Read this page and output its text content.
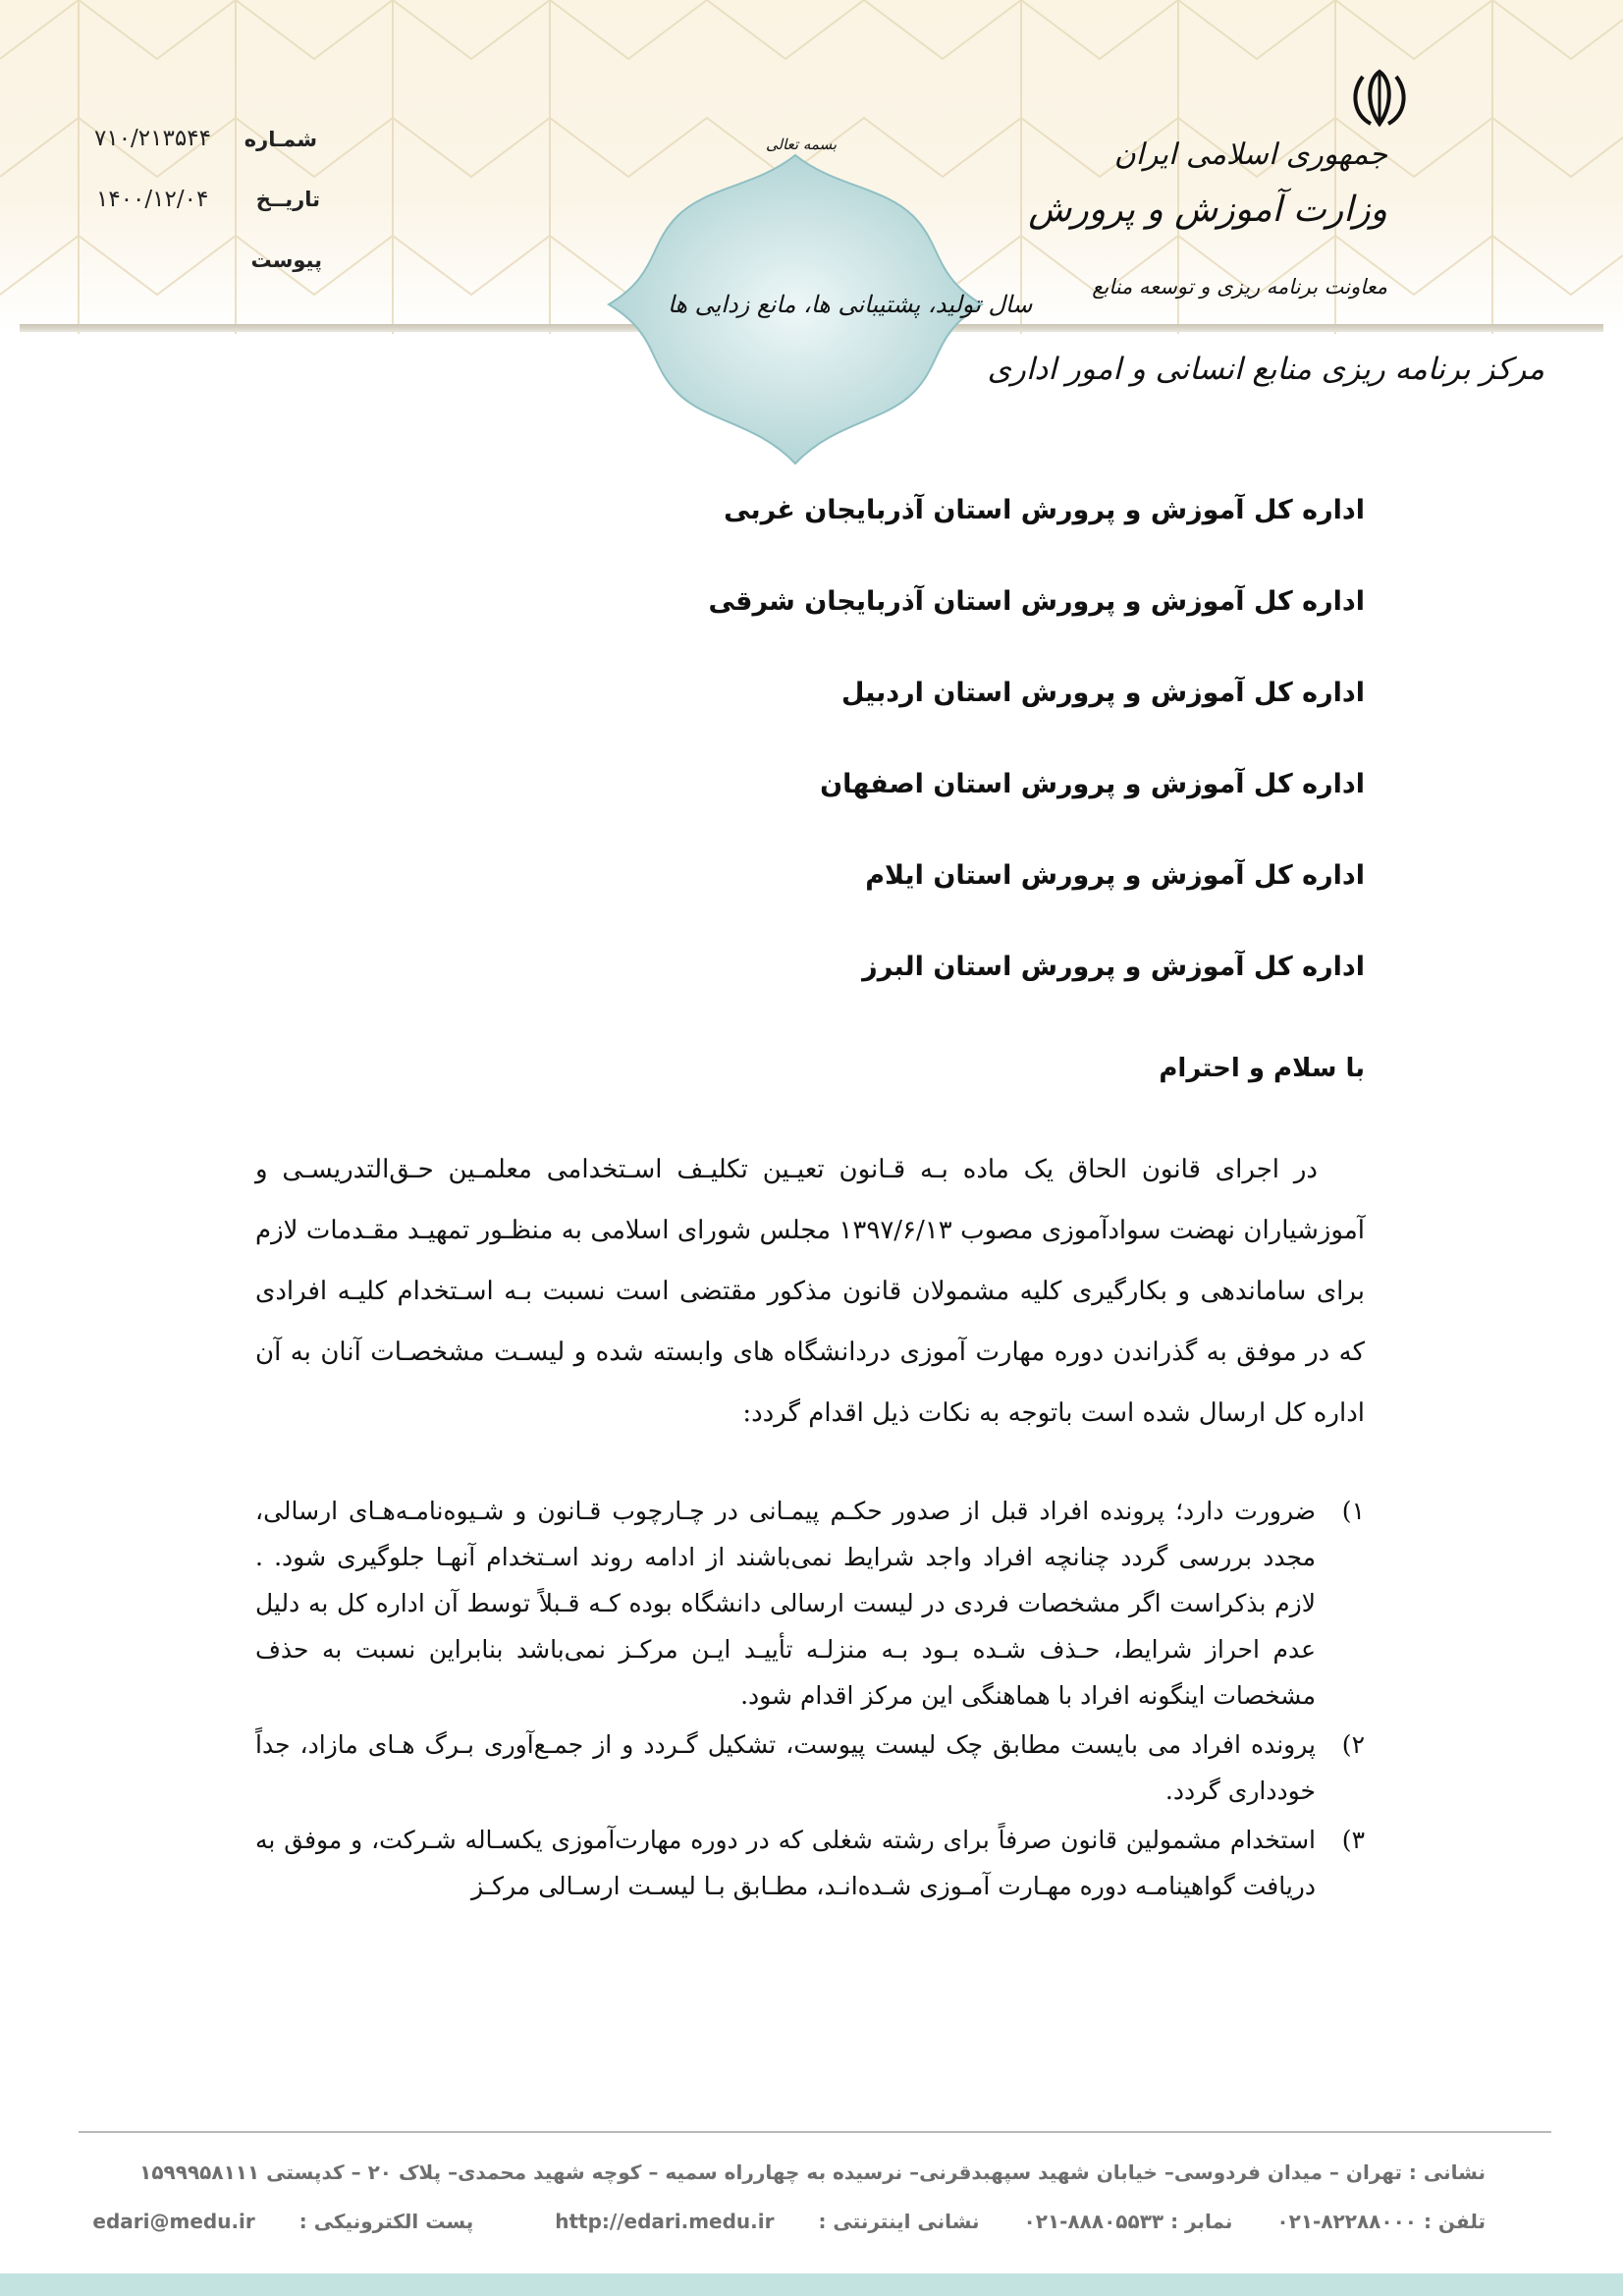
جمهوری اسلامی ایران
وزارت آموزش و پرورش
معاونت برنامه ریزی و توسعه منابع
مرکز برنامه ریزی منابع انسانی و امور اداری
بسمه تعالی
سال تولید، پشتیبانی ها، مانع زدایی ها
شمـاره
۷۱۰/۲۱۳۵۴۴
تاریــخ
۱۴۰۰/۱۲/۰۴
پیوست
اداره کل آموزش و پرورش استان آذربایجان غربی
اداره کل آموزش و پرورش استان آذربایجان شرقی
اداره کل آموزش و پرورش استان اردبیل
اداره کل آموزش و پرورش استان اصفهان
اداره کل آموزش و پرورش استان ایلام
اداره کل آموزش و پرورش استان البرز
با سلام و احترام

در اجرای قانون الحاق یک ماده بـه قـانون تعیـین تکلیـف اسـتخدامی معلمـین حـق‌التدریسـی و آموزشیاران نهضت سوادآموزی مصوب ۱۳۹۷/۶/۱۳ مجلس شورای اسلامی به منظـور تمهیـد مقـدمات لازم برای ساماندهی و بکارگیری کلیه مشمولان قانون مذکور مقتضی است نسبت بـه اسـتخدام کلیـه افرادی که در موفق به گذراندن دوره مهارت آموزی دردانشگاه های وابسته شده و لیسـت مشخصـات آنان به آن اداره کل ارسال شده است باتوجه به نکات ذیل اقدام گردد:

۱)
ضرورت دارد؛ پرونده افراد قبل از صدور حکـم پیمـانی در چـارچوب قـانون و شـیوه‌نامـه‌هـای ارسالی، مجدد بررسی گردد چنانچه افراد واجد شرایط نمی‌باشند از ادامه روند اسـتخدام آنهـا جلوگیری شود. . لازم بذکراست اگر مشخصات فردی در لیست ارسالی دانشگاه بوده کـه قـبلاً توسط آن اداره کل به دلیل عدم احراز شرایط، حـذف شـده بـود بـه منزلـه تأییـد ایـن مرکـز نمی‌باشد بنابراین نسبت به حذف مشخصات اینگونه افراد با هماهنگی این مرکز اقدام شود.
۲)
پرونده افراد می بایست مطابق چک لیست پیوست، تشکیل گـردد و از جمـع‌آوری بـرگ هـای مازاد، جداً خودداری گردد.
۳)
استخدام مشمولین قانون صرفاً برای رشته شغلی که در دوره مهارت‌آموزی یکسـاله شـرکت، و موفق به دریافت گواهینامـه دوره مهـارت آمـوزی شـده‌انـد، مطـابق بـا لیسـت ارسـالی مرکـز
نشانی : تهران – میدان فردوسی– خیابان شهید سپهبدقرنی– نرسیده به چهارراه سمیه – کوچه شهید محمدی– پلاک ۲۰ – کدپستی ۱۵۹۹۹۵۸۱۱۱
تلفن : ۸۲۲۸۸۰۰۰-۰۲۱ نمابر : ۸۸۸۰۵۵۳۳-۰۲۱ نشانی اینترنتی : http://edari.medu.ir پست الکترونیکی : edari@medu.ir
